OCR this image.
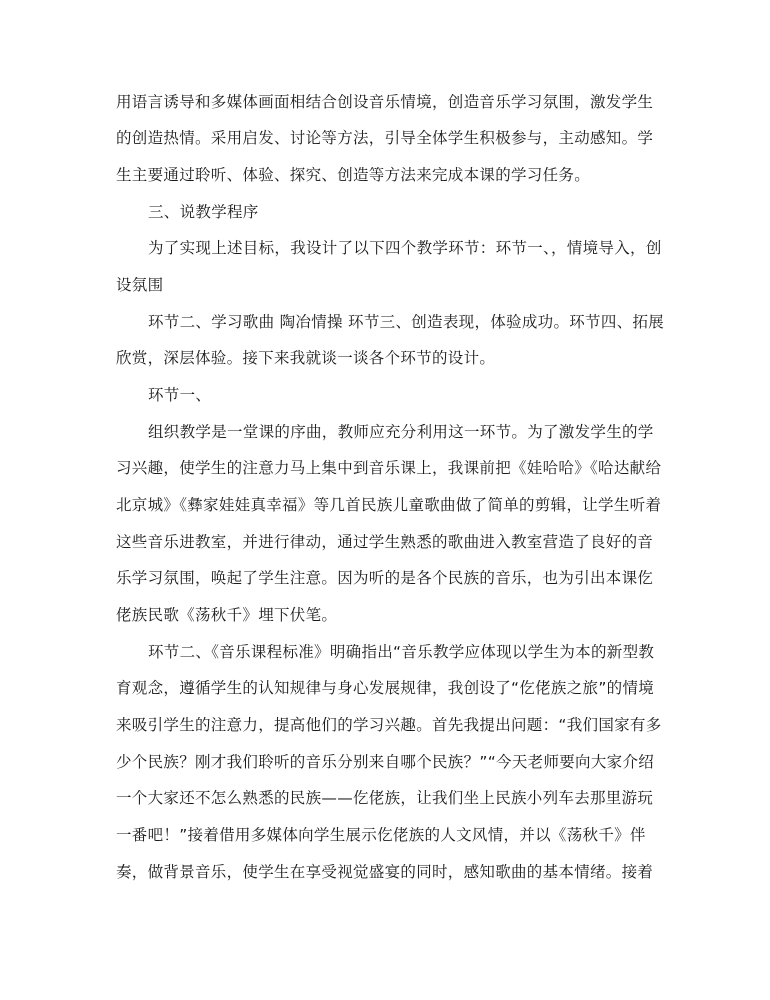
用语言诱导和多媒体画面相结合创设音乐情境，创造音乐学习氛围，激发学生
的创造热情。采用启发、讨论等方法，引导全体学生积极参与，主动感知。学
生主要通过聆听、体验、探究、创造等方法来完成本课的学习任务。
三、说教学程序
为了实现上述目标，我设计了以下四个教学环节：环节一、，情境导入，创
设氛围
环节二、学习歌曲 陶冶情操 环节三、创造表现，体验成功。环节四、拓展
欣赏，深层体验。接下来我就谈一谈各个环节的设计。
环节一、
组织教学是一堂课的序曲，教师应充分利用这一环节。为了激发学生的学
习兴趣，使学生的注意力马上集中到音乐课上，我课前把《娃哈哈》《哈达献给
北京城》《彝家娃娃真幸福》等几首民族儿童歌曲做了简单的剪辑，让学生听着
这些音乐进教室，并进行律动，通过学生熟悉的歌曲进入教室营造了良好的音
乐学习氛围，唤起了学生注意。因为听的是各个民族的音乐，也为引出本课仡
佬族民歌《荡秋千》埋下伏笔。
环节二、《音乐课程标准》明确指出“音乐教学应体现以学生为本的新型教
育观念，遵循学生的认知规律与身心发展规律，我创设了“仡佬族之旅”的情境
来吸引学生的注意力，提高他们的学习兴趣。首先我提出问题：“我们国家有多
少个民族？刚才我们聆听的音乐分别来自哪个民族？”“今天老师要向大家介绍
一个大家还不怎么熟悉的民族——仡佬族，让我们坐上民族小列车去那里游玩
一番吧！”接着借用多媒体向学生展示仡佬族的人文风情，并以《荡秋千》伴
奏，做背景音乐，使学生在享受视觉盛宴的同时，感知歌曲的基本情绪。接着
